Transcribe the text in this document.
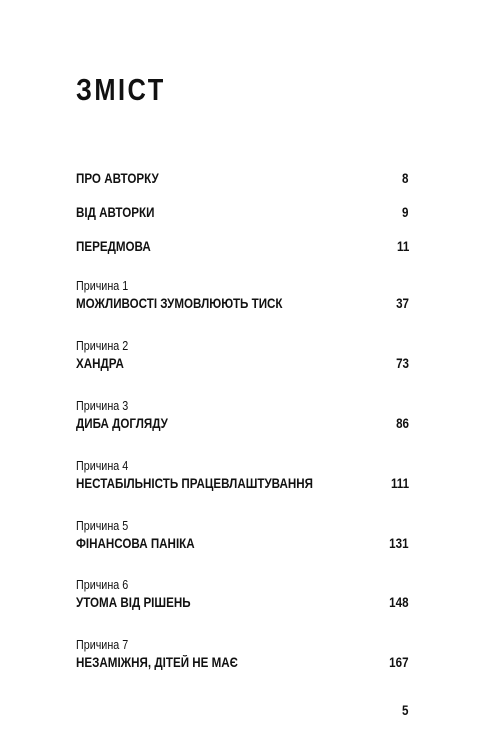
ЗМІСТ
ПРО АВТОРКУ	8
ВІД АВТОРКИ	9
ПЕРЕДМОВА	11
Причина 1
МОЖЛИВОСТІ ЗУМОВЛЮЮТЬ ТИСК	37
Причина 2
ХАНДРА	73
Причина 3
ДИБА ДОГЛЯДУ	86
Причина 4
НЕСТАБІЛЬНІСТЬ ПРАЦЕВЛАШТУВАННЯ	111
Причина 5
ФІНАНСОВА ПАНІКА	131
Причина 6
УТОМА ВІД РІШЕНЬ	148
Причина 7
НЕЗАМІЖНЯ, ДІТЕЙ НЕ МАЄ	167
5
